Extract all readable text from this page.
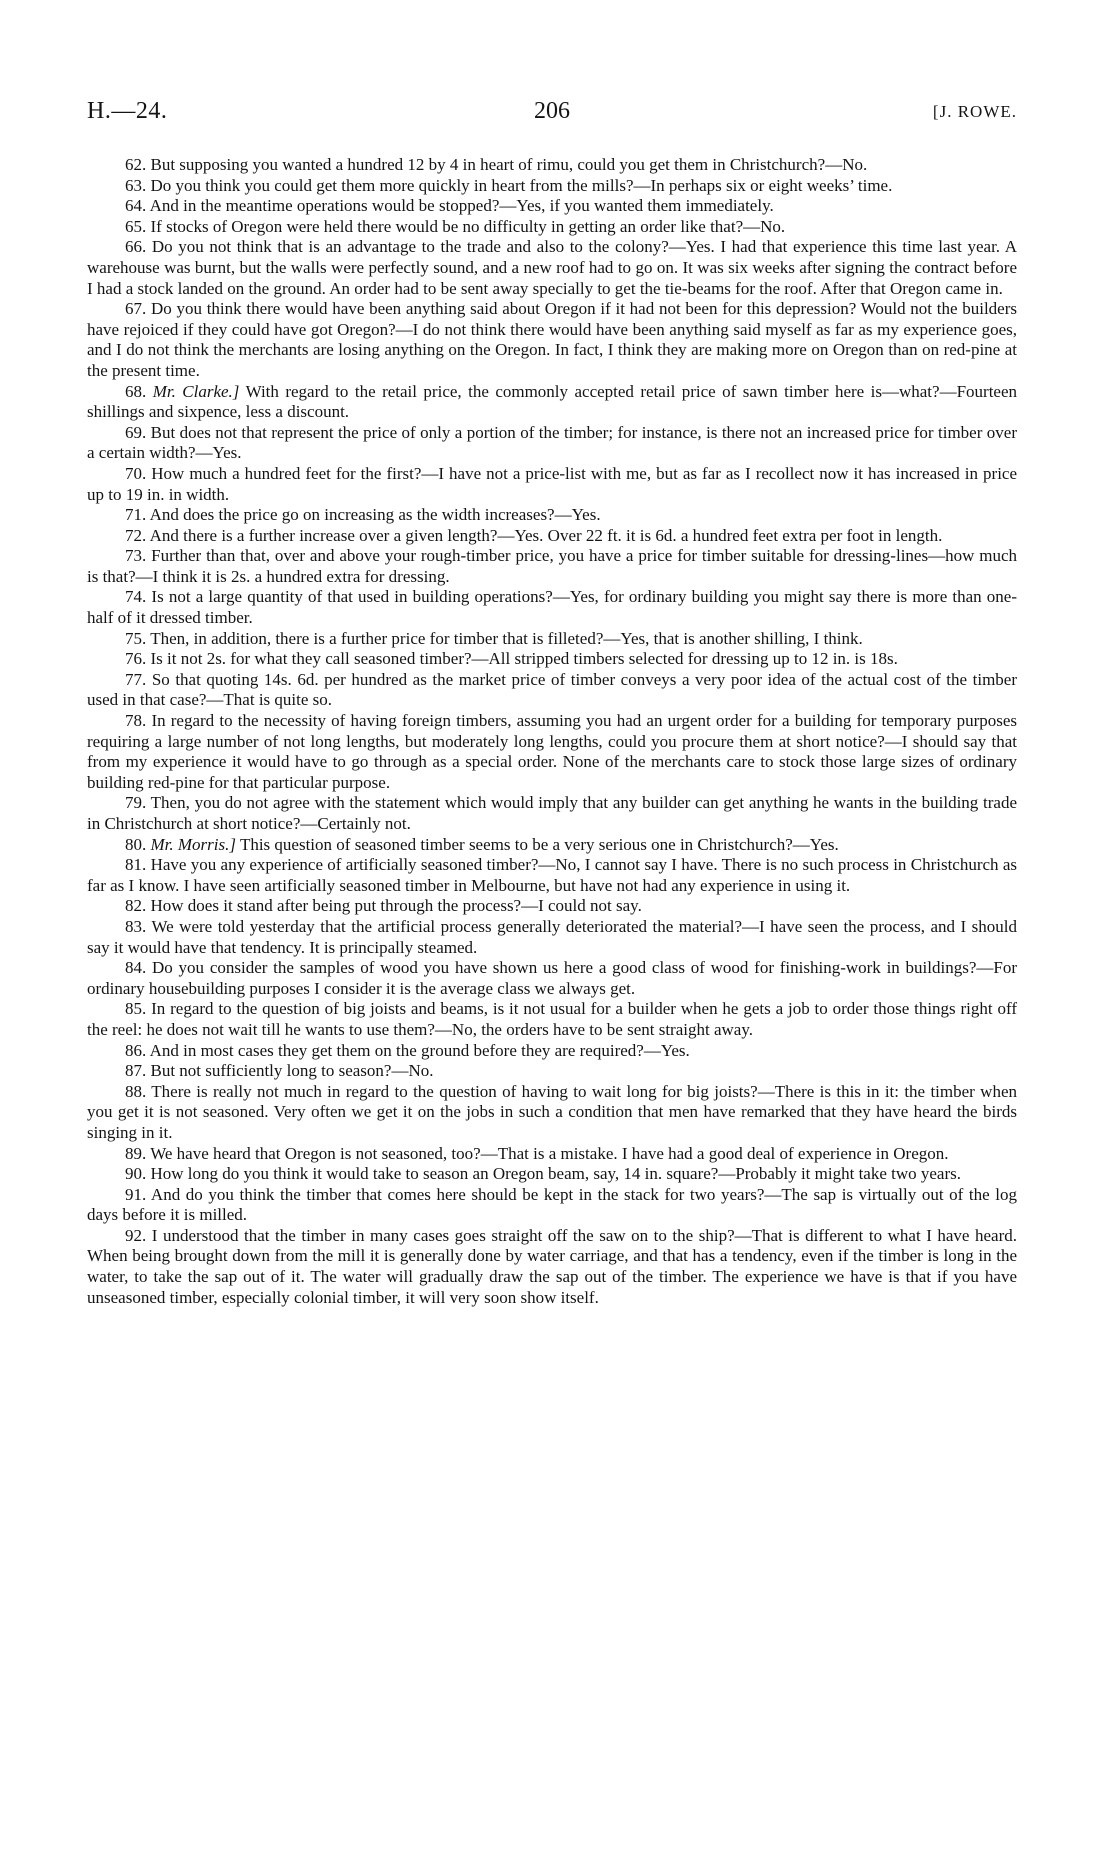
H.—24.	206	[J. ROWE.

62. But supposing you wanted a hundred 12 by 4 in heart of rimu, could you get them in Christchurch?—No.

63. Do you think you could get them more quickly in heart from the mills?—In perhaps six or eight weeks’ time.

64. And in the meantime operations would be stopped?—Yes, if you wanted them immediately.

65. If stocks of Oregon were held there would be no difficulty in getting an order like that?—No.

66. Do you not think that is an advantage to the trade and also to the colony?—Yes. I had that experience this time last year. A warehouse was burnt, but the walls were perfectly sound, and a new roof had to go on. It was six weeks after signing the contract before I had a stock landed on the ground. An order had to be sent away specially to get the tie-beams for the roof. After that Oregon came in.

67. Do you think there would have been anything said about Oregon if it had not been for this depression? Would not the builders have rejoiced if they could have got Oregon?—I do not think there would have been anything said myself as far as my experience goes, and I do not think the merchants are losing anything on the Oregon. In fact, I think they are making more on Oregon than on red-pine at the present time.

68. Mr. Clarke.] With regard to the retail price, the commonly accepted retail price of sawn timber here is—what?—Fourteen shillings and sixpence, less a discount.

69. But does not that represent the price of only a portion of the timber; for instance, is there not an increased price for timber over a certain width?—Yes.

70. How much a hundred feet for the first?—I have not a price-list with me, but as far as I recollect now it has increased in price up to 19 in. in width.

71. And does the price go on increasing as the width increases?—Yes.

72. And there is a further increase over a given length?—Yes. Over 22 ft. it is 6d. a hundred feet extra per foot in length.

73. Further than that, over and above your rough-timber price, you have a price for timber suitable for dressing-lines—how much is that?—I think it is 2s. a hundred extra for dressing.

74. Is not a large quantity of that used in building operations?—Yes, for ordinary building you might say there is more than one-half of it dressed timber.

75. Then, in addition, there is a further price for timber that is filleted?—Yes, that is another shilling, I think.

76. Is it not 2s. for what they call seasoned timber?—All stripped timbers selected for dressing up to 12 in. is 18s.

77. So that quoting 14s. 6d. per hundred as the market price of timber conveys a very poor idea of the actual cost of the timber used in that case?—That is quite so.

78. In regard to the necessity of having foreign timbers, assuming you had an urgent order for a building for temporary purposes requiring a large number of not long lengths, but moderately long lengths, could you procure them at short notice?—I should say that from my experience it would have to go through as a special order. None of the merchants care to stock those large sizes of ordinary building red-pine for that particular purpose.

79. Then, you do not agree with the statement which would imply that any builder can get anything he wants in the building trade in Christchurch at short notice?—Certainly not.

80. Mr. Morris.] This question of seasoned timber seems to be a very serious one in Christchurch?—Yes.

81. Have you any experience of artificially seasoned timber?—No, I cannot say I have. There is no such process in Christchurch as far as I know. I have seen artificially seasoned timber in Melbourne, but have not had any experience in using it.

82. How does it stand after being put through the process?—I could not say.

83. We were told yesterday that the artificial process generally deteriorated the material?—I have seen the process, and I should say it would have that tendency. It is principally steamed.

84. Do you consider the samples of wood you have shown us here a good class of wood for finishing-work in buildings?—For ordinary housebuilding purposes I consider it is the average class we always get.

85. In regard to the question of big joists and beams, is it not usual for a builder when he gets a job to order those things right off the reel: he does not wait till he wants to use them?—No, the orders have to be sent straight away.

86. And in most cases they get them on the ground before they are required?—Yes.

87. But not sufficiently long to season?—No.

88. There is really not much in regard to the question of having to wait long for big joists?—There is this in it: the timber when you get it is not seasoned. Very often we get it on the jobs in such a condition that men have remarked that they have heard the birds singing in it.

89. We have heard that Oregon is not seasoned, too?—That is a mistake. I have had a good deal of experience in Oregon.

90. How long do you think it would take to season an Oregon beam, say, 14 in. square?—Probably it might take two years.

91. And do you think the timber that comes here should be kept in the stack for two years?—The sap is virtually out of the log days before it is milled.

92. I understood that the timber in many cases goes straight off the saw on to the ship?—That is different to what I have heard. When being brought down from the mill it is generally done by water carriage, and that has a tendency, even if the timber is long in the water, to take the sap out of it. The water will gradually draw the sap out of the timber. The experience we have is that if you have unseasoned timber, especially colonial timber, it will very soon show itself.
